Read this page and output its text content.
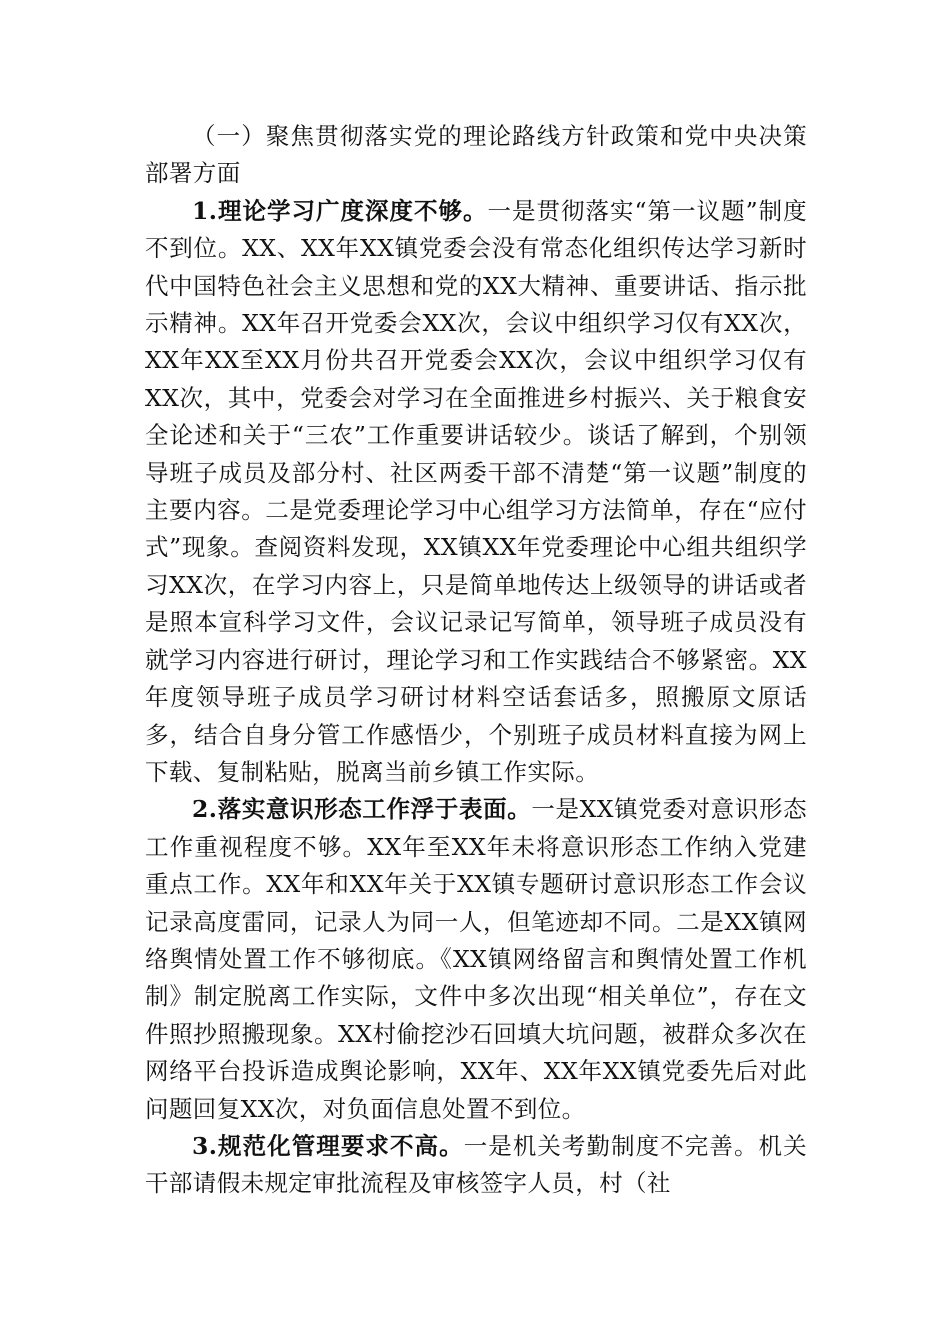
（一）聚焦贯彻落实党的理论路线方针政策和党中央决策部署方面

1.理论学习广度深度不够。一是贯彻落实“第一议题”制度不到位。XX、XX年XX镇党委会没有常态化组织传达学习新时代中国特色社会主义思想和党的XX大精神、重要讲话、指示批示精神。XX年召开党委会XX次，会议中组织学习仅有XX次，XX年XX至XX月份共召开党委会XX次，会议中组织学习仅有XX次，其中，党委会对学习在全面推进乡村振兴、关于粮食安全论述和关于“三农”工作重要讲话较少。谈话了解到，个别领导班子成员及部分村、社区两委干部不清楚“第一议题”制度的主要内容。二是党委理论学习中心组学习方法简单，存在“应付式”现象。查阅资料发现，XX镇XX年党委理论中心组共组织学习XX次，在学习内容上，只是简单地传达上级领导的讲话或者是照本宣科学习文件，会议记录记写简单，领导班子成员没有就学习内容进行研讨，理论学习和工作实践结合不够紧密。XX年度领导班子成员学习研讨材料空话套话多，照搬原文原话多，结合自身分管工作感悟少，个别班子成员材料直接为网上下载、复制粘贴，脱离当前乡镇工作实际。

2.落实意识形态工作浮于表面。一是XX镇党委对意识形态工作重视程度不够。XX年至XX年未将意识形态工作纳入党建重点工作。XX年和XX年关于XX镇专题研讨意识形态工作会议记录高度雷同，记录人为同一人，但笔迹却不同。二是XX镇网络舆情处置工作不够彻底。《XX镇网络留言和舆情处置工作机制》制定脱离工作实际，文件中多次出现“相关单位”，存在文件照抄照搬现象。XX村偷挖沙石回填大坑问题，被群众多次在网络平台投诉造成舆论影响，XX年、XX年XX镇党委先后对此问题回复XX次，对负面信息处置不到位。

3.规范化管理要求不高。一是机关考勤制度不完善。机关干部请假未规定审批流程及审核签字人员，村（社
